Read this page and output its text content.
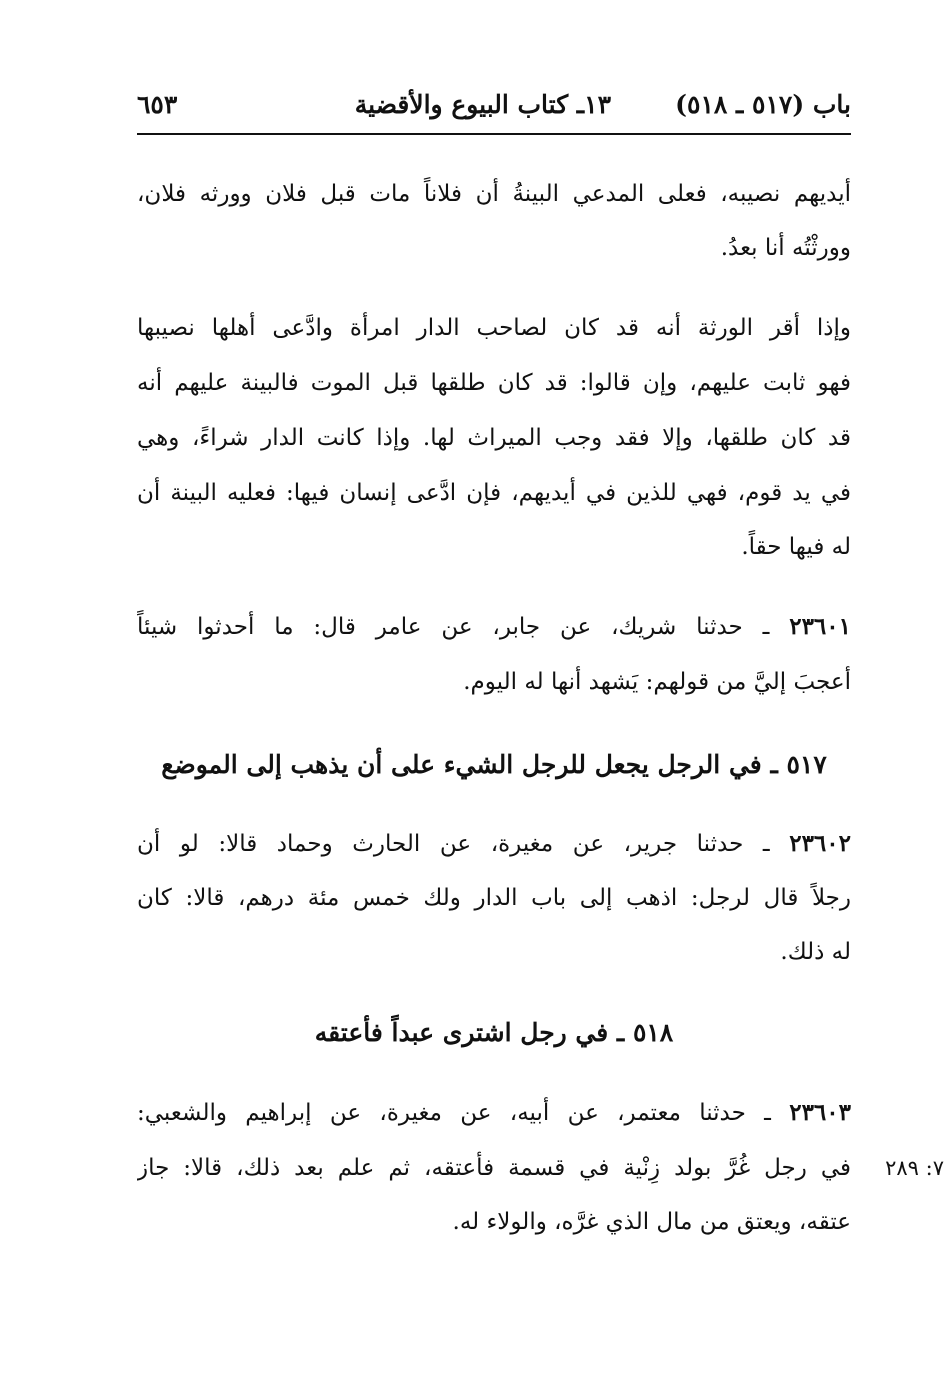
باب (٥١٧ ـ ٥١٨)
١٣ـ كتاب البيوع والأقضية
٦٥٣
أيديهم نصيبه، فعلى المدعي البينةُ أن فلاناً مات قبل فلان وورثه فلان،
وورثْتُه أنا بعدُ.
وإذا أقر الورثة أنه قد كان لصاحب الدار امرأة وادَّعى أهلها نصيبها
فهو ثابت عليهم، وإن قالوا: قد كان طلقها قبل الموت فالبينة عليهم أنه
قد كان طلقها، وإلا فقد وجب الميراث لها. وإذا كانت الدار شراءً، وهي
في يد قوم، فهي للذين في أيديهم، فإن ادَّعى إنسان فيها: فعليه البينة أن
له فيها حقاً.
٢٣٦٠١ ـ حدثنا شريك، عن جابر، عن عامر قال: ما أحدثوا شيئاً
أعجبَ إليَّ من قولهم: يَشهد أنها له اليوم.
٥١٧ ـ في الرجل يجعل للرجل الشيء على أن يذهب إلى الموضع
٢٣٦٠٢ ـ حدثنا جرير، عن مغيرة، عن الحارث وحماد قالا: لو أن
رجلاً قال لرجل: اذهب إلى باب الدار ولك خمس مئة درهم، قالا: كان
له ذلك.
٥١٨ ـ في رجل اشترى عبداً فأعتقه
٢٣٦٠٣ ـ حدثنا معتمر، عن أبيه، عن مغيرة، عن إبراهيم والشعبي:
في رجل غُرَّ بولد زِنْية في قسمة فأعتقه، ثم علم بعد ذلك، قالا: جاز	٧: ٢٨٩
عتقه، ويعتق من مال الذي غرَّه، والولاء له.
